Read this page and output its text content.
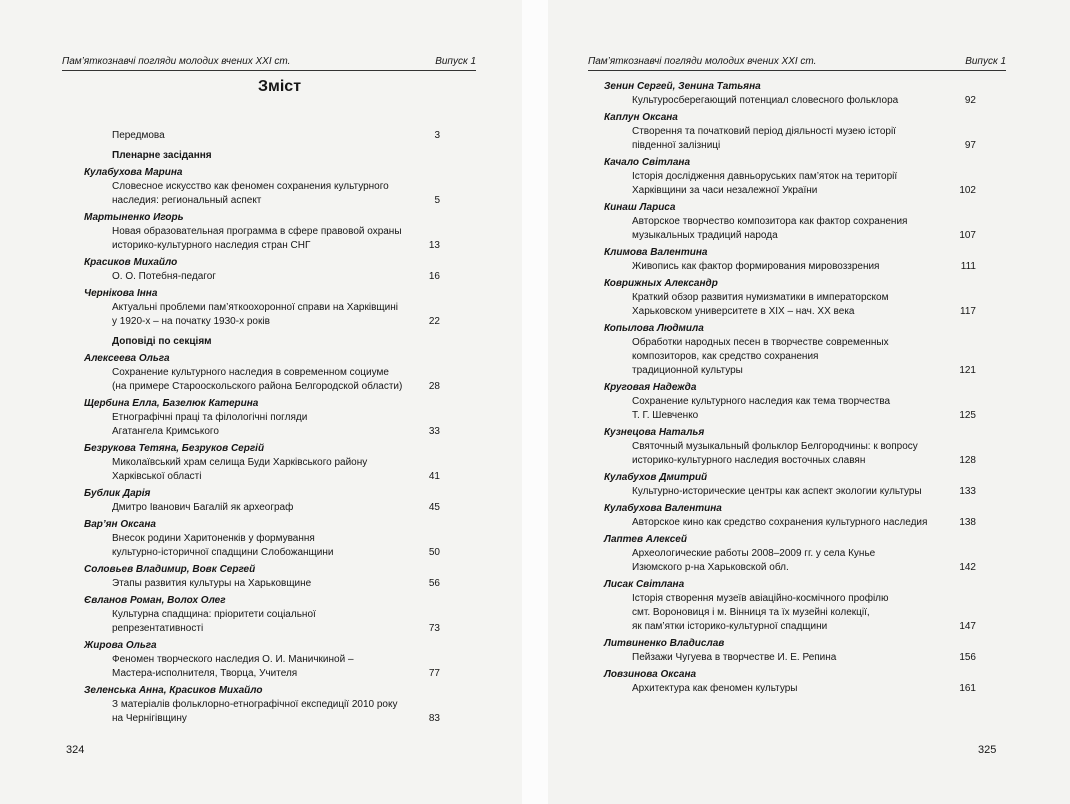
Пам’яткознавчі погляди молодих вчених XXI ст.	Випуск 1
Зміст
Передмова	3
Пленарне засідання
Кулабухова Марина
Словесное искусство как феномен сохранения культурного
наследия: региональный аспект	5
Мартыненко Игорь
Новая образовательная программа в сфере правовой охраны
историко-культурного наследия стран СНГ	13
Красиков Михайло
О. О. Потебня-педагог	16
Чернікова Інна
Актуальні проблеми пам’яткоохоронної справи на Харківщині
у 1920-х – на початку 1930-х років	22
Доповіді по секціям
Алексеева Ольга
Сохранение культурного наследия в современном социуме
(на примере Старооскольского района Белгородской области)	28
Щербина Елла, Базелюк Катерина
Етнографічні праці та філологічні погляди
Агатангела Кримського	33
Безрукова Тетяна, Безруков Сергій
Миколаївський храм селища Буди Харківського району
Харківської області	41
Бублик Дарія
Дмитро Іванович Багалій як археограф	45
Вар’ян Оксана
Внесок родини Харитоненків у формування
культурно-історичної спадщини Слобожанщини	50
Соловьев Владимир, Вовк Сергей
Этапы развития культуры на Харьковщине	56
Євланов Роман, Волох Олег
Культурна спадщина: пріоритети соціальної репрезентативності	73
Жирова Ольга
Феномен творческого наследия О. И. Маничкиной –
Мастера-исполнителя, Творца, Учителя	77
Зеленська Анна, Красиков Михайло
З матеріалів фольклорно-етнографічної експедиції 2010 року
на Чернігівщину	83
324
Пам’яткознавчі погляди молодих вчених XXI ст.	Випуск 1
Зенин Сергей, Зенина Татьяна
Культуросберегающий потенциал словесного фольклора	92
Каплун Оксана
Створення та початковий період діяльності музею історії
південної залізниці	97
Качало Світлана
Історія дослідження давньоруських пам’яток на території
Харківщини за часи незалежної України	102
Кинаш Лариса
Авторское творчество композитора как фактор сохранения
музыкальных традиций народа	107
Климова Валентина
Живопись как фактор формирования мировоззрения	111
Коврижных Александр
Краткий обзор развития нумизматики в императорском
Харьковском университете в XIX – нач. XX века	117
Копылова Людмила
Обработки народных песен в творчестве современных
композиторов, как средство сохранения
традиционной культуры	121
Круговая Надежда
Сохранение культурного наследия как тема творчества
Т. Г. Шевченко	125
Кузнецова Наталья
Святочный музыкальный фольклор Белгородчины: к вопросу
историко-культурного наследия восточных славян	128
Кулабухов Дмитрий
Культурно-исторические центры как аспект экологии культуры	133
Кулабухова Валентина
Авторское кино как средство сохранения культурного наследия	138
Лаптев Алексей
Археологические работы 2008–2009 гг. у села Кунье
Изюмского р-на Харьковской обл.	142
Лисак Світлана
Історія створення музеїв авіаційно-космічного профілю
смт. Вороновиця і м. Вінниця та їх музейні колекції,
як пам’ятки історико-культурної спадщини	147
Литвиненко Владислав
Пейзажи Чугуева в творчестве И. Е. Репина	156
Ловзинова Оксана
Архитектура как феномен культуры	161
325
